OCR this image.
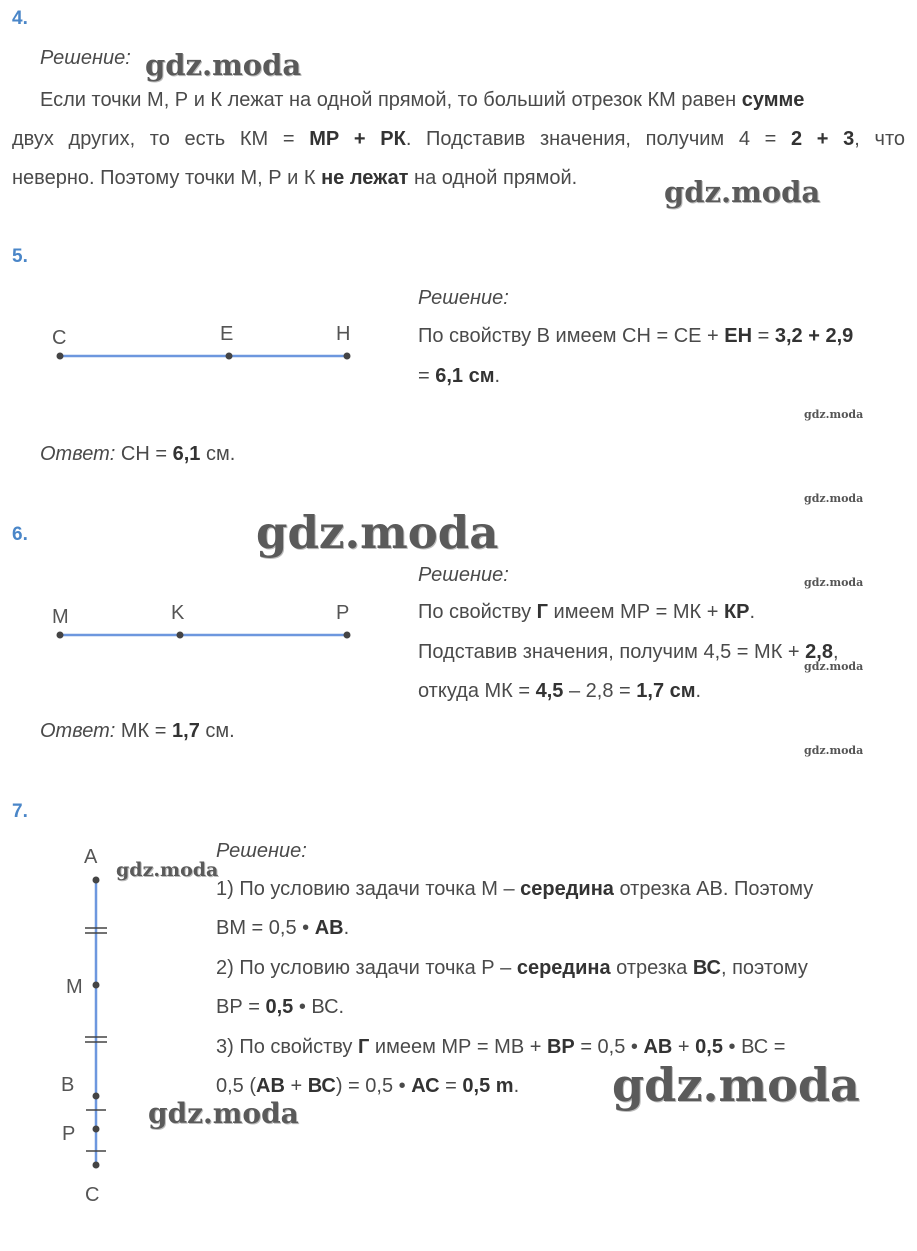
4.
Решение:
Если точки М, Р и К лежат на одной прямой, то больший отрезок КМ равен сумме
двух других, то есть КМ = МР + РК. Подставив значения, получим 4 = 2 + 3, что
неверно. Поэтому точки М, Р и К не лежат на одной прямой.
5.
C	E	H
Решение:
По свойству В имеем СН = СЕ + ЕН = 3,2 + 2,9
= 6,1 см.
Ответ: СН = 6,1 см.
6.
M	K	P
Решение:
По свойству Г имеем МР = МК + КР.
Подставив значения, получим 4,5 = МК + 2,8,
откуда МК = 4,5 – 2,8 = 1,7 см.
Ответ: МК = 1,7 см.
7.
A
M
B
P
C
Решение:
1) По условию задачи точка М – середина отрезка АВ. Поэтому
ВМ = 0,5 • АВ.
2) По условию задачи точка Р – середина отрезка ВС, поэтому
ВР = 0,5 • ВС.
3) По свойству Г имеем МР = МВ + ВР = 0,5 • АВ + 0,5 • ВС =
0,5 (АВ + ВС) = 0,5 • АС = 0,5 m.
gdz.moda
gdz.moda
gdz.moda
gdz.moda
gdz.moda
gdz.moda
gdz.moda
gdz.moda
gdz.moda
gdz.moda
gdz.moda
